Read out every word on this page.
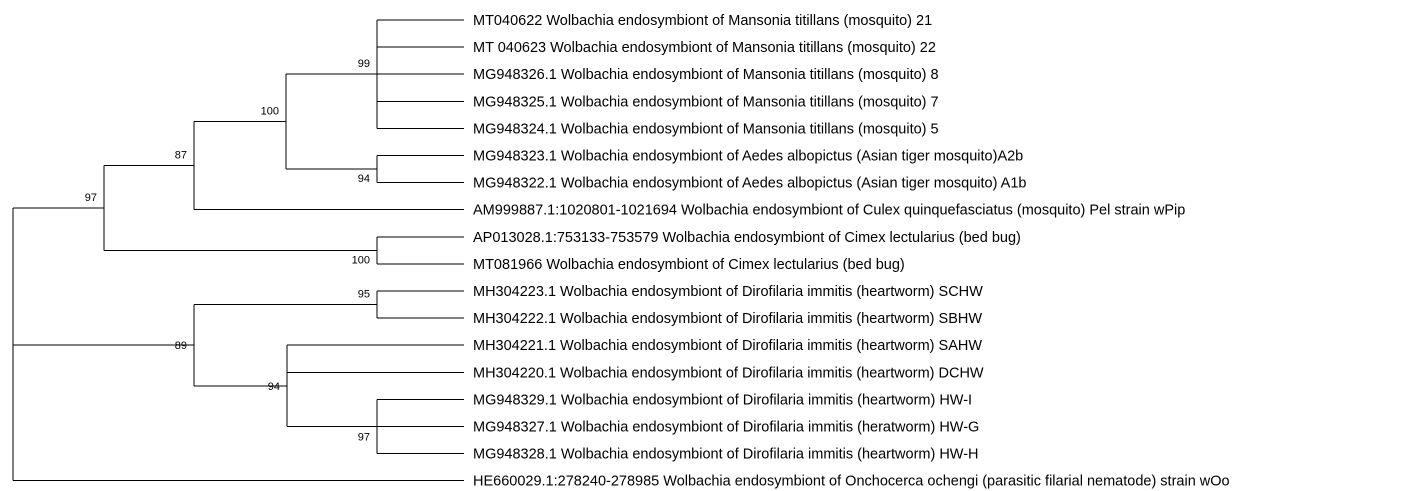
MT040622 Wolbachia endosymbiont of Mansonia titillans (mosquito) 21
MT 040623 Wolbachia endosymbiont of Mansonia titillans (mosquito) 22
MG948326.1 Wolbachia endosymbiont of Mansonia titillans (mosquito) 8
MG948325.1 Wolbachia endosymbiont of Mansonia titillans (mosquito) 7
MG948324.1 Wolbachia endosymbiont of Mansonia titillans (mosquito) 5
MG948323.1 Wolbachia endosymbiont of Aedes albopictus (Asian tiger mosquito)A2b
MG948322.1 Wolbachia endosymbiont of Aedes albopictus (Asian tiger mosquito) A1b
AM999887.1:1020801-1021694 Wolbachia endosymbiont of Culex quinquefasciatus (mosquito) Pel strain wPip
AP013028.1:753133-753579 Wolbachia endosymbiont of Cimex lectularius (bed bug)
MT081966 Wolbachia endosymbiont of Cimex lectularius (bed bug)
MH304223.1 Wolbachia endosymbiont of Dirofilaria immitis (heartworm) SCHW
MH304222.1 Wolbachia endosymbiont of Dirofilaria immitis (heartworm) SBHW
MH304221.1 Wolbachia endosymbiont of Dirofilaria immitis (heartworm) SAHW
MH304220.1 Wolbachia endosymbiont of Dirofilaria immitis (heartworm) DCHW
MG948329.1 Wolbachia endosymbiont of Dirofilaria immitis (heartworm) HW-I
MG948327.1 Wolbachia endosymbiont of Dirofilaria immitis (heratworm) HW-G
MG948328.1 Wolbachia endosymbiont of Dirofilaria immitis (heartworm) HW-H
HE660029.1:278240-278985 Wolbachia endosymbiont of Onchocerca ochengi (parasitic filarial nematode) strain wOo
99
94
100
87
100
97
95
97
94
89
